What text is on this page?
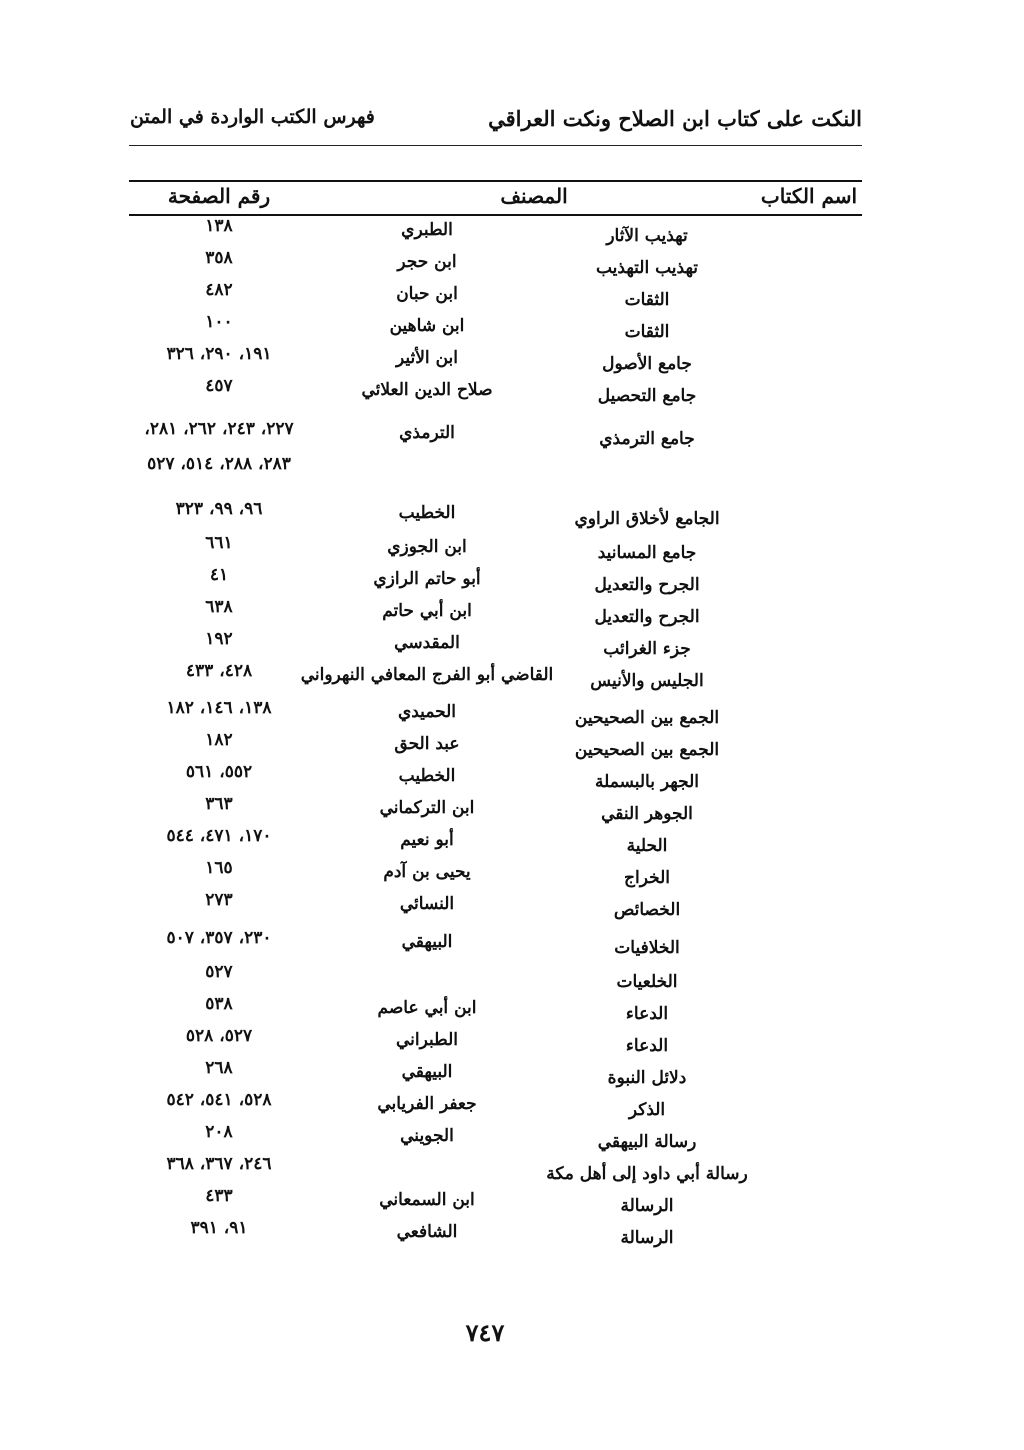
النكت على كتاب ابن الصلاح ونكت العراقي
فهرس الكتب الواردة في المتن
اسم الكتاب
المصنف
رقم الصفحة
تهذيب الآثار
الطبري
١٣٨
تهذيب التهذيب
ابن حجر
٣٥٨
الثقات
ابن حبان
٤٨٢
الثقات
ابن شاهين
١٠٠
جامع الأصول
ابن الأثير
١٩١، ٢٩٠، ٣٢٦
جامع التحصيل
صلاح الدين العلائي
٤٥٧
جامع الترمذي
الترمذي
٢٢٧، ٢٤٣، ٢٦٢، ٢٨١،
٢٨٣، ٢٨٨، ٥١٤، ٥٢٧
الجامع لأخلاق الراوي
الخطيب
٩٦، ٩٩، ٣٢٣
جامع المسانيد
ابن الجوزي
٦٦١
الجرح والتعديل
أبو حاتم الرازي
٤١
الجرح والتعديل
ابن أبي حاتم
٦٣٨
جزء الغرائب
المقدسي
١٩٢
الجليس والأنيس
القاضي أبو الفرج المعافي النهرواني
٤٢٨، ٤٣٣
الجمع بين الصحيحين
الحميدي
١٣٨، ١٤٦، ١٨٢
الجمع بين الصحيحين
عبد الحق
١٨٢
الجهر بالبسملة
الخطيب
٥٥٢، ٥٦١
الجوهر النقي
ابن التركماني
٣٦٣
الحلية
أبو نعيم
١٧٠، ٤٧١، ٥٤٤
الخراج
يحيى بن آدم
١٦٥
الخصائص
النسائي
٢٧٣
الخلافيات
البيهقي
٢٣٠، ٣٥٧، ٥٠٧
الخلعيات
٥٢٧
الدعاء
ابن أبي عاصم
٥٣٨
الدعاء
الطبراني
٥٢٧، ٥٢٨
دلائل النبوة
البيهقي
٢٦٨
الذكر
جعفر الفريابي
٥٢٨، ٥٤١، ٥٤٢
رسالة البيهقي
الجويني
٢٠٨
رسالة أبي داود إلى أهل مكة
٢٤٦، ٣٦٧، ٣٦٨
الرسالة
ابن السمعاني
٤٣٣
الرسالة
الشافعي
٩١، ٣٩١
٧٤٧
